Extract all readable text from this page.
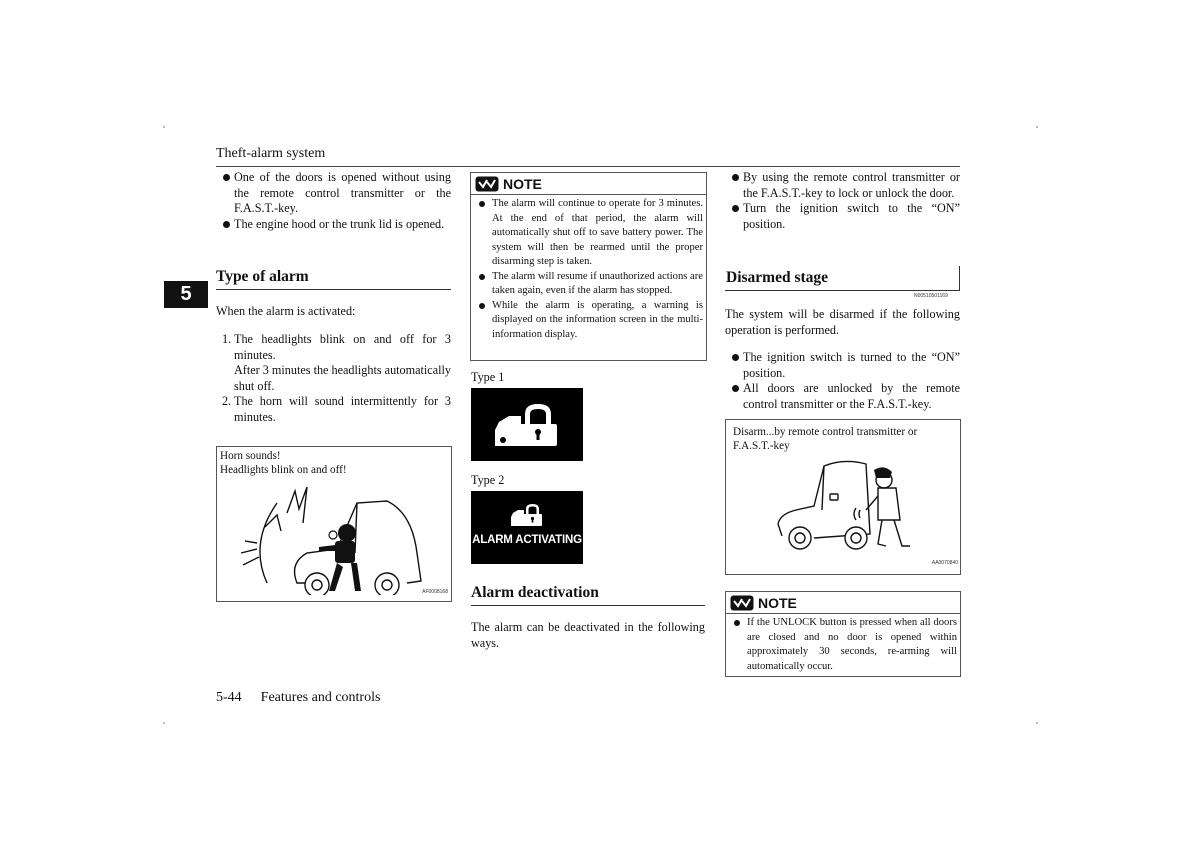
Theft-alarm system
5

One of the doors is opened without using the remote control transmitter or the F.A.S.T.-key.

The engine hood or the trunk lid is opened.

Type of alarm
When the alarm is activated:
1. The headlights blink on and off for 3 minutes.
After 3 minutes the headlights automatically shut off.
2. The horn will sound intermittently for 3 minutes.
Horn sounds!
Headlights blink on and off!
AF0008168
NOTE

The alarm will continue to operate for 3 minutes. At the end of that period, the alarm will automatically shut off to save battery power. The system will then be rearmed until the proper disarming step is taken.

The alarm will resume if unauthorized actions are taken again, even if the alarm has stopped.

While the alarm is operating, a warning is displayed on the information screen in the multi-information display.

Type 1
Type 2
ALARM ACTIVATING
Alarm deactivation
The alarm can be deactivated in the following ways.

By using the remote control transmitter or the F.A.S.T.-key to lock or unlock the door.

Turn the ignition switch to the “ON” position.

Disarmed stage
N00510501169
The system will be disarmed if the following operation is performed.

The ignition switch is turned to the “ON” position.

All doors are unlocked by the remote control transmitter or the F.A.S.T.-key.

Disarm...by remote control transmitter or
F.A.S.T.-key
AA0070840
NOTE

If the UNLOCK button is pressed when all doors are closed and no door is opened within approximately 30 seconds, re-arming will automatically occur.

5-44 Features and controls
